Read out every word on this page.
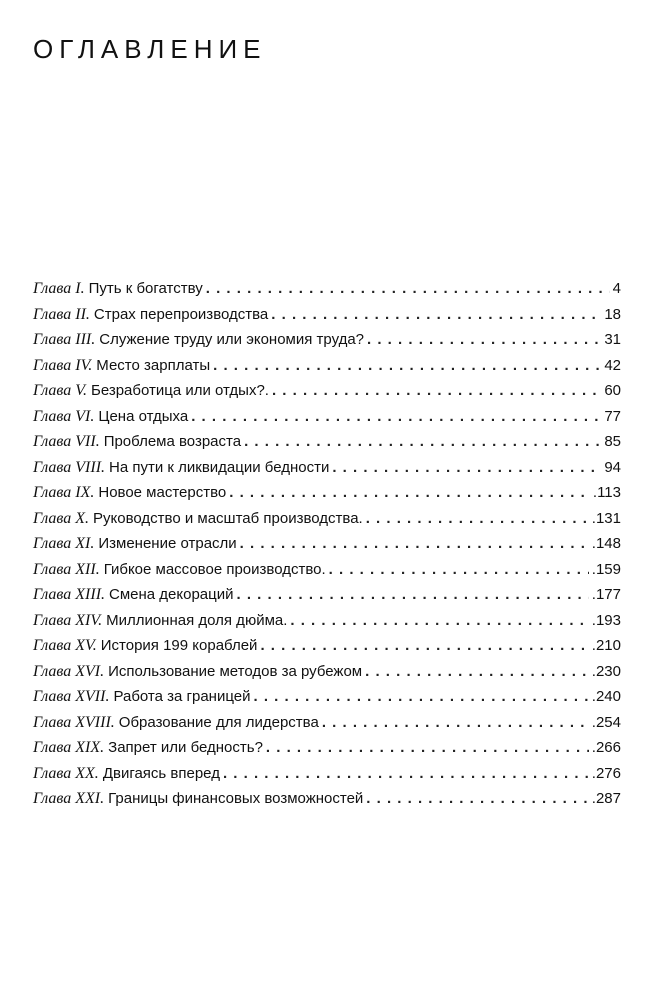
ОГЛАВЛЕНИЕ
Глава I. Путь к богатству . . .	4
Глава II. Страх перепроизводства . . .	18
Глава III. Служение труду или экономия труда? . . .	31
Глава IV. Место зарплаты . . .	42
Глава V. Безработица или отдых?. . . .	60
Глава VI. Цена отдыха . . .	77
Глава VII. Проблема возраста . . .	85
Глава VIII. На пути к ликвидации бедности . . .	94
Глава IX. Новое мастерство . . .	.113
Глава X. Руководство и масштаб производства. . . .	.131
Глава XI. Изменение отрасли . . .	.148
Глава XII. Гибкое массовое производство. . . .	.159
Глава XIII. Смена декораций . . .	.177
Глава XIV. Миллионная доля дюйма. . . .	.193
Глава XV. История 199 кораблей . . .	.210
Глава XVI. Использование методов за рубежом . . .	.230
Глава XVII. Работа за границей . . .	.240
Глава XVIII. Образование для лидерства . . .	.254
Глава XIX. Запрет или бедность? . . .	.266
Глава XX. Двигаясь вперед . . .	.276
Глава XXI. Границы финансовых возможностей . . .	.287
